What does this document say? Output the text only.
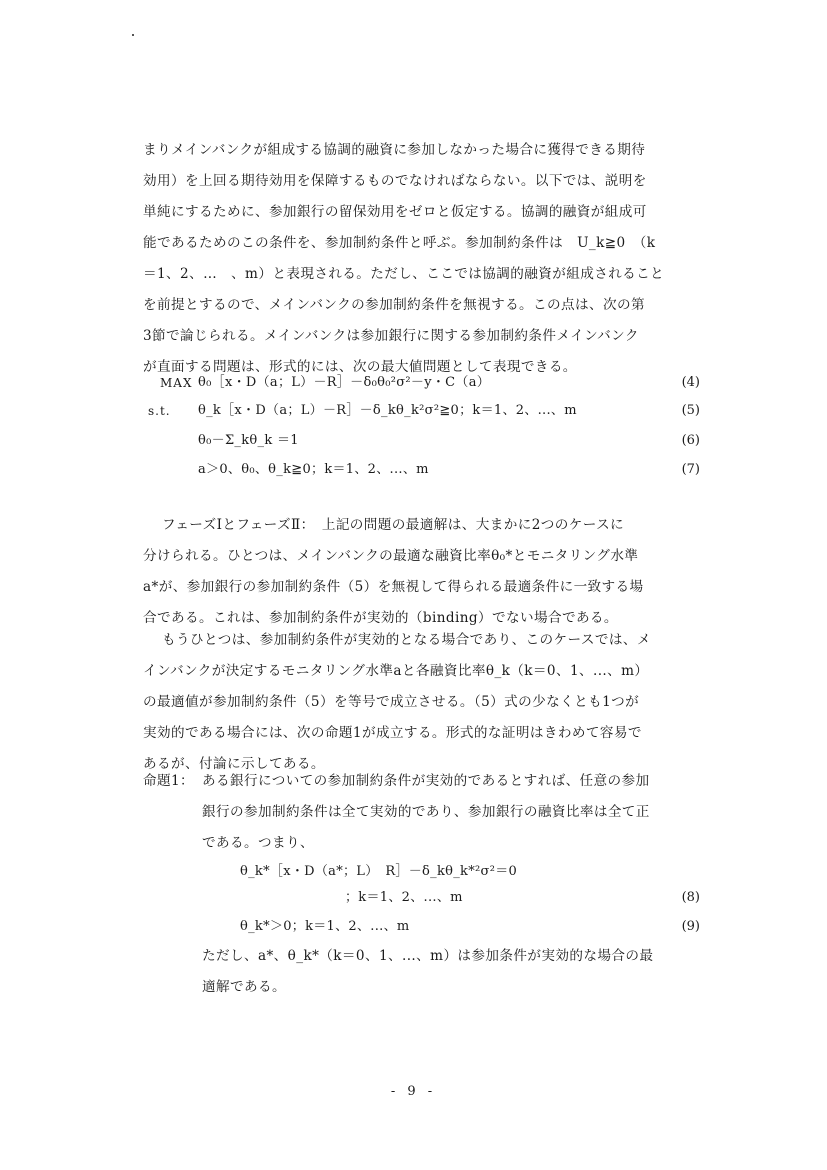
まりメインバンクが組成する協調的融資に参加しなかった場合に獲得できる期待
効用）を上回る期待効用を保障するものでなければならない。以下では、説明を
単純にするために、参加銀行の留保効用をゼロと仮定する。協調的融資が組成可
能であるためのこの条件を、参加制約条件と呼ぶ。参加制約条件は　U_k≧0　（k
＝1、2、…　、m）と表現される。ただし、ここでは協調的融資が組成されること
を前提とするので、メインバンクの参加制約条件を無視する。この点は、次の第
3節で論じられる。メインバンクは参加銀行に関する参加制約条件メインバンク
が直面する問題は、形式的には、次の最大値問題として表現できる。
MAX θ₀［x・D（a；L）－R］－δ₀θ₀²σ²－y・C（a）	(4)
s.t. θ_k［x・D（a；L）－R］－δ_kθ_k²σ²≧0；k＝1、2、...、m	(5)
θ₀－Σ_kθ_k ＝1	(6)
a＞0、θ₀、θ_k≧0；k＝1、2、...、m	(7)
フェーズⅠとフェーズⅡ：　上記の問題の最適解は、大まかに2つのケースに
分けられる。ひとつは、メインバンクの最適な融資比率θ₀*とモニタリング水準
a*が、参加銀行の参加制約条件（5）を無視して得られる最適条件に一致する場
合である。これは、参加制約条件が実効的（binding）でない場合である。
もうひとつは、参加制約条件が実効的となる場合であり、このケースでは、メ
インバンクが決定するモニタリング水準aと各融資比率θ_k（k＝0、1、...、m）
の最適値が参加制約条件（5）を等号で成立させる。（5）式の少なくとも1つが
実効的である場合には、次の命題1が成立する。形式的な証明はきわめて容易で
あるが、付論に示してある。
命題1： ある銀行についての参加制約条件が実効的であるとすれば、任意の参加
銀行の参加制約条件は全て実効的であり、参加銀行の融資比率は全て正
である。つまり、
θ_k*［x・D（a*；L）　R］－δ_kθ_k*²σ²＝0
；k＝1、2、...、m	(8)
θ_k*＞0；k＝1、2、...、m	(9)
ただし、a*、θ_k*（k＝0、1、...、m）は参加条件が実効的な場合の最
適解である。
- 9 -
